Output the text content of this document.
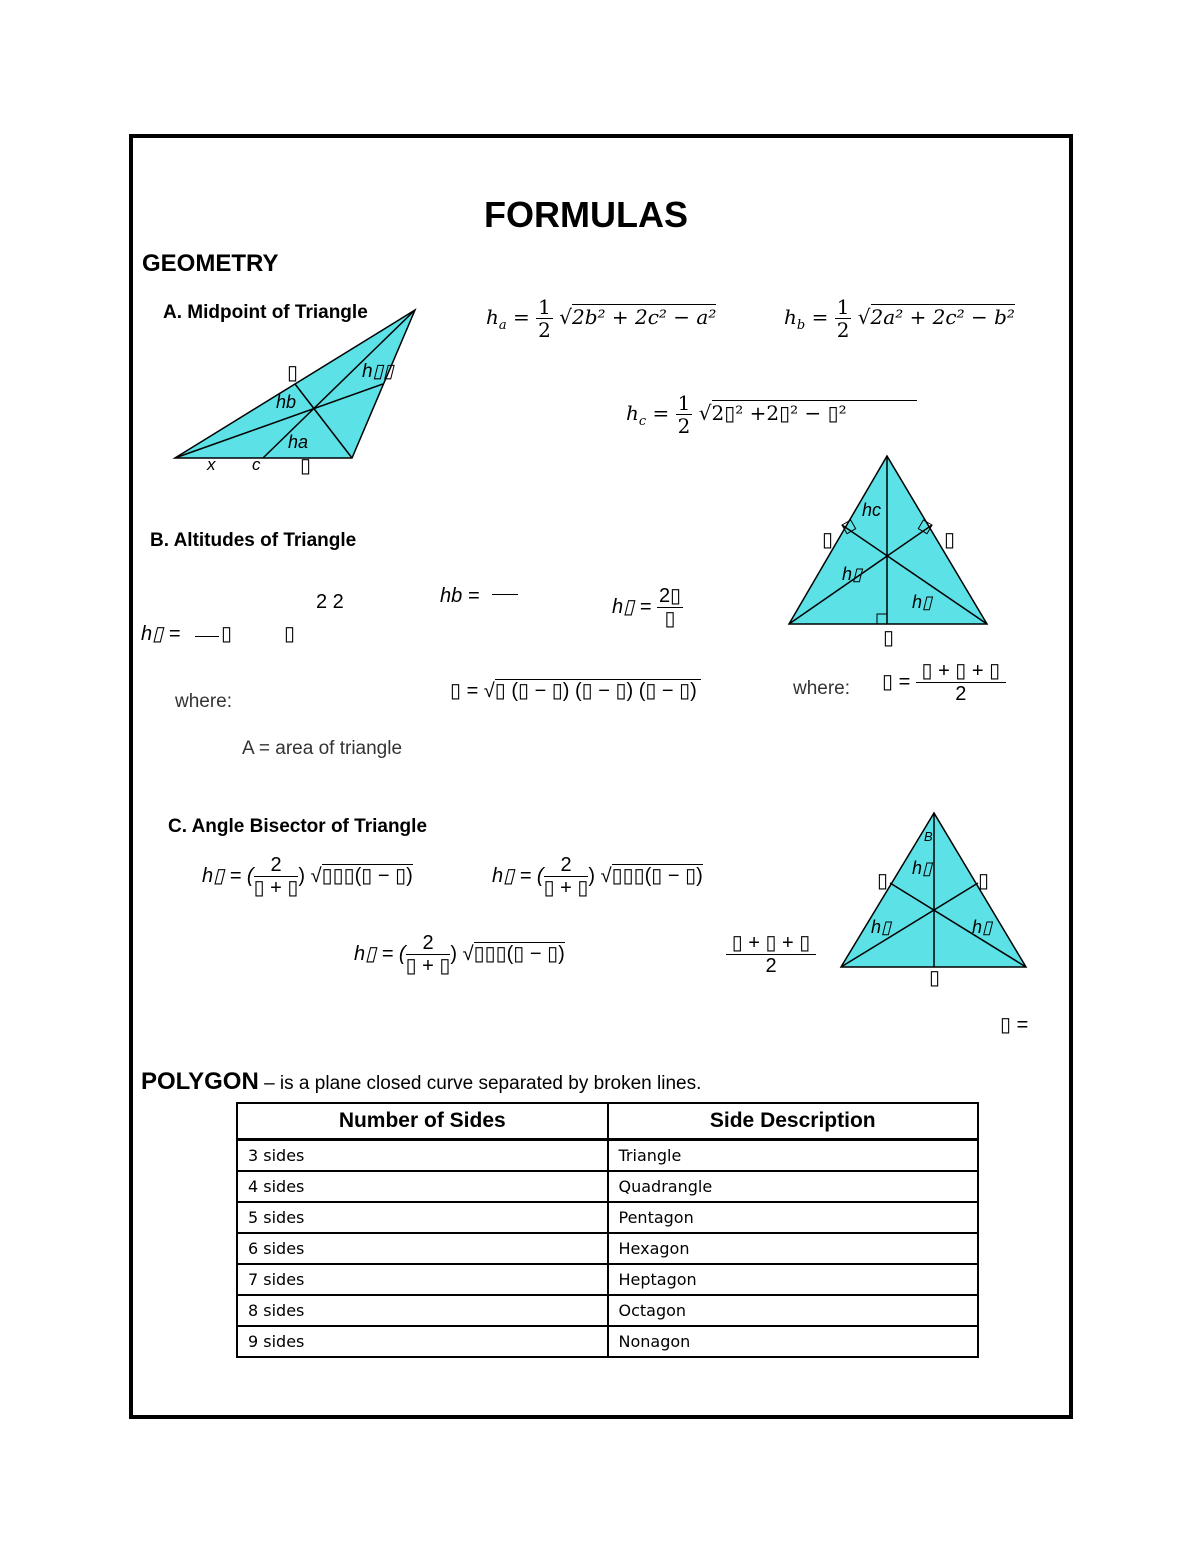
FORMULAS
GEOMETRY
A. Midpoint of Triangle
▯	h▯▯
hb
ha
x c ▯
$h_a = \frac{1}{2} √2b^2 + 2c^2 - a^2$	$h_b = \frac{1}{2} √2a^2 + 2c^2 - b^2$
$h_c = \frac{1}{2}$ √2▯² +2▯² − ▯²
B. Altitudes of Triangle
hc
▯	▯
h▯
h▯
▯
2 2
h▯ = ▯	▯
hb =	h▯ = $\frac{2▯}{▯}$
where:	▯ = √▯ (▯ − ▯) (▯ − ▯) (▯ − ▯)	where: ▯ = $\frac{▯ + ▯ + ▯}{2}$
A = area of triangle
C. Angle Bisector of Triangle	B
h▯
▯	▯
h▯	h▯
▯
h▯ = ( $\frac{2}{▯ + ▯}$ ) √▯▯▯(▯ − ▯)	h▯ = ( $\frac{2}{▯ + ▯}$ ) √▯▯▯(▯ − ▯)
h▯ = ( $\frac{2}{▯ + ▯}$ ) √▯▯▯(▯ − ▯)	$\frac{▯ + ▯ + ▯}{2}$
▯ =
POLYGON – is a plane closed curve separated by broken lines.
Number of Sides	Side Description
3 sides	Triangle
4 sides	Quadrangle
5 sides	Pentagon
6 sides	Hexagon
7 sides	Heptagon
8 sides	Octagon
9 sides	Nonagon
